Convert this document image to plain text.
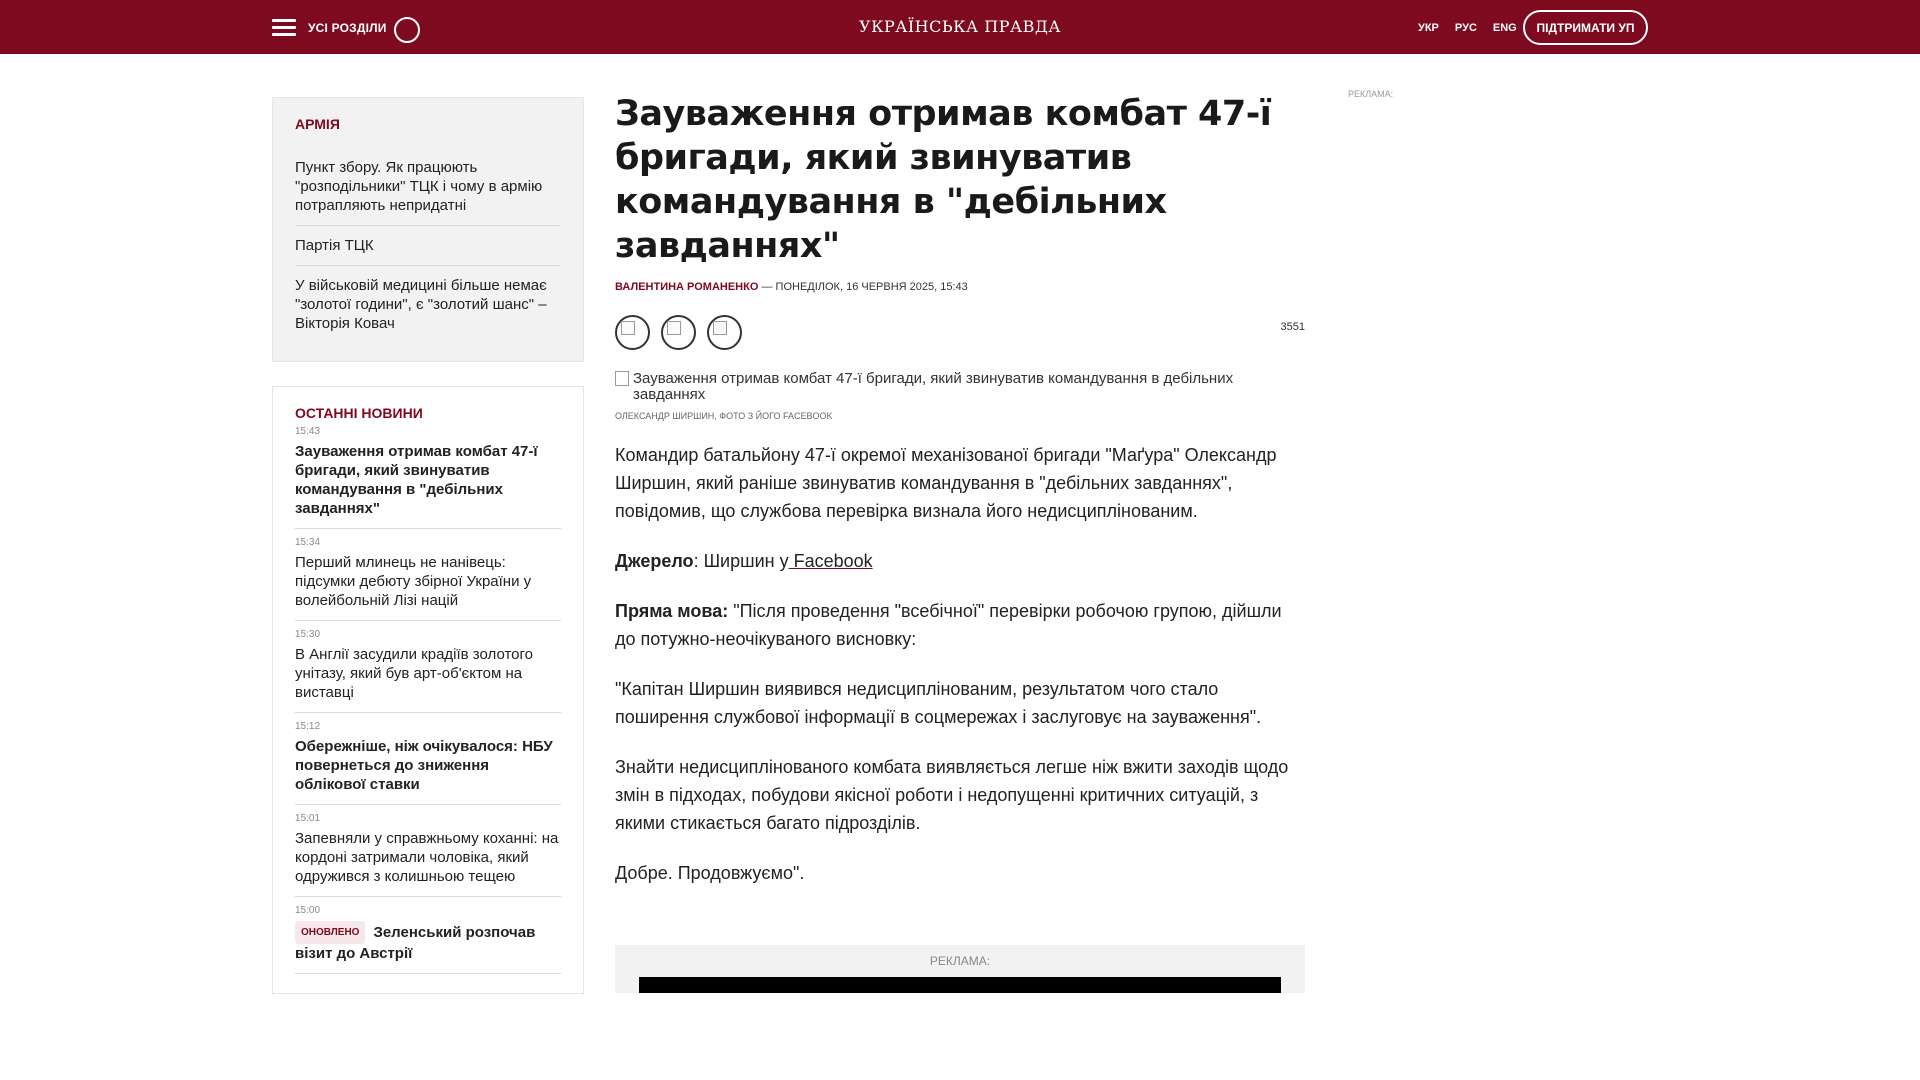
УСІ РОЗДІЛИ	УКРАЇНСЬКА ПРАВДА	УКР РУС ENG	ПІДТРИМАТИ УП
АРМІЯ
Пункт збору. Як працюють "розподільники" ТЦК і чому в армію потрапляють непридатні
Партія ТЦК
У військовій медицині більше немає "золотої години", є "золотий шанс" – Вікторія Ковач
ОСТАННІ НОВИНИ
15:43
Зауваження отримав комбат 47-ї бригади, який звинуватив командування в "дебільних завданнях"
15:34
Перший млинець не нанівець: підсумки дебюту збірної України у волейбольній Лізі націй
15:30
В Англії засудили крадіїв золотого унітазу, який був арт-об'єктом на виставці
15:12
Обережніше, ніж очікувалося: НБУ повернеться до зниження облікової ставки
15:01
Запевняли у справжньому коханні: на кордоні затримали чоловіка, який одружився з колишньою тещею
15:00
ОНОВЛЕНО Зеленський розпочав візит до Австрії
Зауваження отримав комбат 47-ї бригади, який звинуватив командування в "дебільних завданнях"
ВАЛЕНТИНА РОМАНЕНКО — ПОНЕДІЛОК, 16 ЧЕРВНЯ 2025, 15:43
3551
Зауваження отримав комбат 47-ї бригади, який звинуватив командування в дебільних завданнях
ОЛЕКСАНДР ШИРШИН, ФОТО З ЙОГО FACEBOOK

Командир батальйону 47-ї окремої механізованої бригади "Маґура" Олександр Ширшин, який раніше звинуватив командування в "дебільних завданнях", повідомив, що службова перевірка визнала його недисциплінованим.

Джерело: Ширшин у Facebook

Пряма мова: "Після проведення "всебічної" перевірки робочою групою, дійшли до потужно-неочікуваного висновку:

"Капітан Ширшин виявився недисциплінованим, результатом чого стало поширення службової інформації в соцмережах і заслуговує на зауваження".

Знайти недисциплінованого комбата виявляється легше ніж вжити заходів щодо змін в підходах, побудови якісної роботи і недопущенні критичних ситуацій, з якими стикається багато підрозділів.

Добре. Продовжуємо".

РЕКЛАМА:
РЕКЛАМА:
